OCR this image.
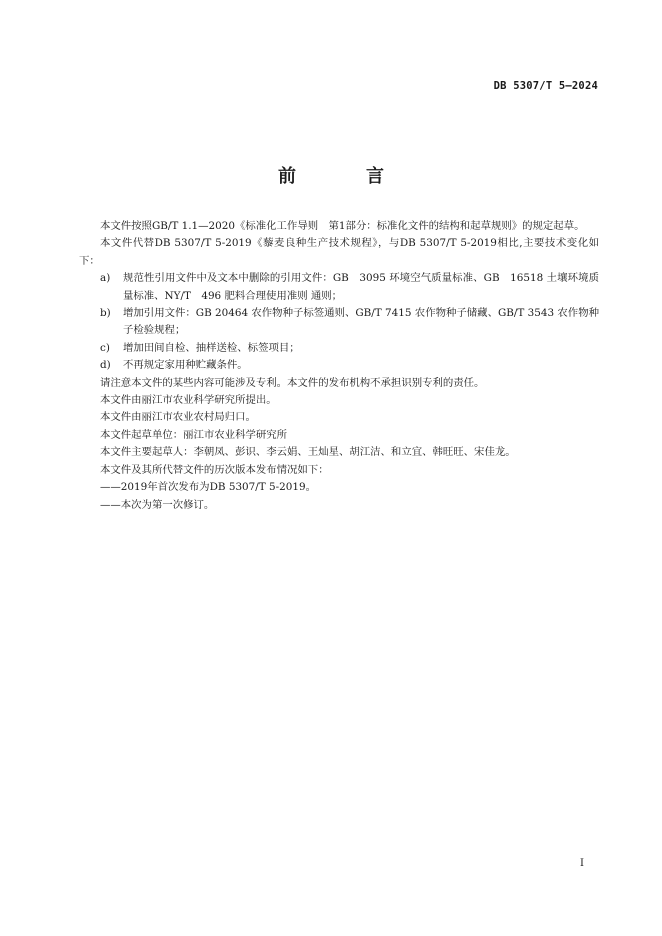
DB 5307/T 5—2024
前　言

本文件按照GB/T 1.1—2020《标准化工作导则　第1部分：标准化文件的结构和起草规则》的规定起草。

本文件代替DB 5307/T 5-2019《藜麦良种生产技术规程》，与DB 5307/T 5-2019相比,主要技术变化如下：

a)	规范性引用文件中及文本中删除的引用文件：GB　3095 环境空气质量标准、GB　16518 土壤环境质量标准、NY/T　496 肥料合理使用准则 通则；
b)	增加引用文件：GB 20464 农作物种子标签通则、GB/T 7415 农作物种子储藏、GB/T 3543 农作物种子检验规程；
c)	增加田间自检、抽样送检、标签项目；
d)	不再规定家用种贮藏条件。

请注意本文件的某些内容可能涉及专利。本文件的发布机构不承担识别专利的责任。

本文件由丽江市农业科学研究所提出。

本文件由丽江市农业农村局归口。

本文件起草单位：丽江市农业科学研究所

本文件主要起草人：李朝凤、彭识、李云娟、王灿星、胡江洁、和立宜、韩旺旺、宋佳龙。

本文件及其所代替文件的历次版本发布情况如下：

——2019年首次发布为DB 5307/T 5-2019。

——本次为第一次修订。

I
